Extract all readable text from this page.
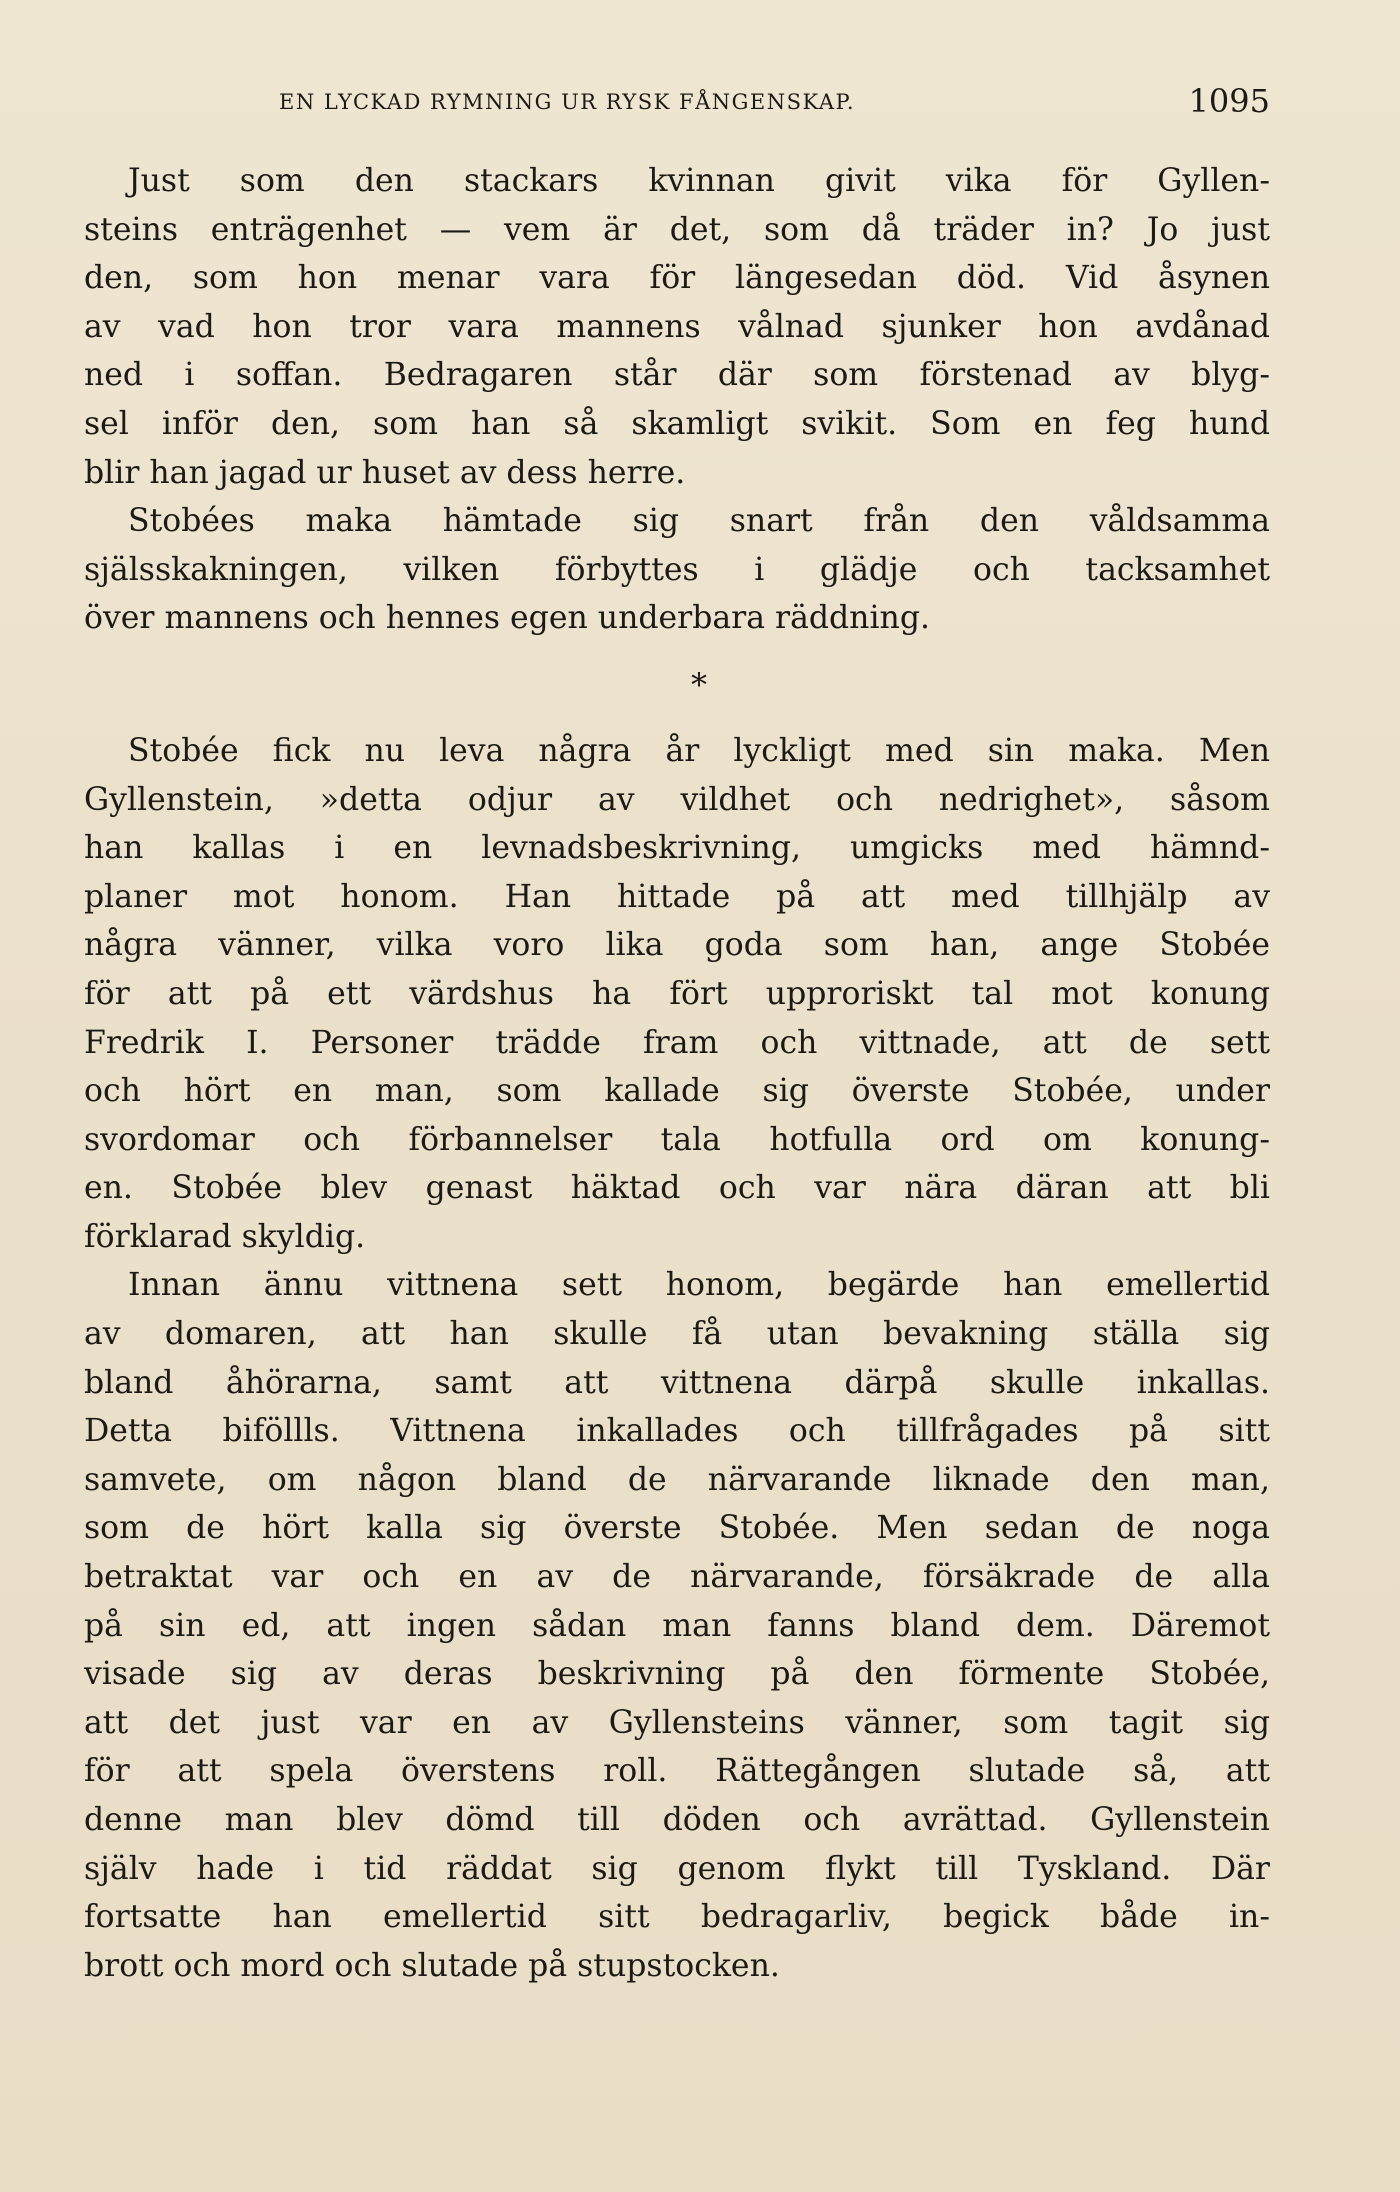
EN LYCKAD RYMNING UR RYSK FÅNGENSKAP.	1095
Just som den stackars kvinnan givit vika för Gyllen-
steins enträgenhet — vem är det, som då träder in? Jo just
den, som hon menar vara för längesedan död. Vid åsynen
av vad hon tror vara mannens vålnad sjunker hon avdånad
ned i soffan. Bedragaren står där som förstenad av blyg-
sel inför den, som han så skamligt svikit. Som en feg hund
blir han jagad ur huset av dess herre.
Stobées maka hämtade sig snart från den våldsamma
själsskakningen, vilken förbyttes i glädje och tacksamhet
över mannens och hennes egen underbara räddning.
*
Stobée fick nu leva några år lyckligt med sin maka. Men
Gyllenstein, »detta odjur av vildhet och nedrighet», såsom
han kallas i en levnadsbeskrivning, umgicks med hämnd-
planer mot honom. Han hittade på att med tillhjälp av
några vänner, vilka voro lika goda som han, ange Stobée
för att på ett värdshus ha fört upproriskt tal mot konung
Fredrik I. Personer trädde fram och vittnade, att de sett
och hört en man, som kallade sig överste Stobée, under
svordomar och förbannelser tala hotfulla ord om konung-
en. Stobée blev genast häktad och var nära däran att bli
förklarad skyldig.
Innan ännu vittnena sett honom, begärde han emellertid
av domaren, att han skulle få utan bevakning ställa sig
bland åhörarna, samt att vittnena därpå skulle inkallas.
Detta biföllls. Vittnena inkallades och tillfrågades på sitt
samvete, om någon bland de närvarande liknade den man,
som de hört kalla sig överste Stobée. Men sedan de noga
betraktat var och en av de närvarande, försäkrade de alla
på sin ed, att ingen sådan man fanns bland dem. Däremot
visade sig av deras beskrivning på den förmente Stobée,
att det just var en av Gyllensteins vänner, som tagit sig
för att spela överstens roll. Rättegången slutade så, att
denne man blev dömd till döden och avrättad. Gyllenstein
själv hade i tid räddat sig genom flykt till Tyskland. Där
fortsatte han emellertid sitt bedragarliv, begick både in-
brott och mord och slutade på stupstocken.
